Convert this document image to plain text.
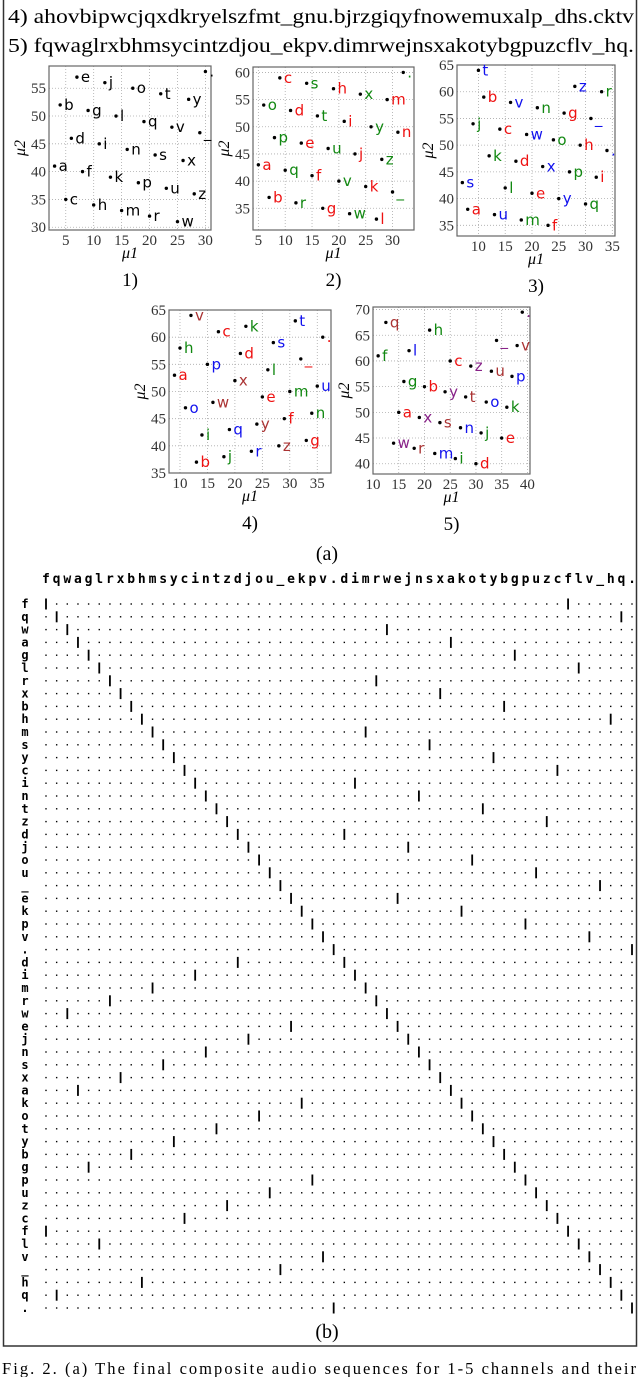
4) ahovbipwcjqxdkryelszfmt_gnu.bjrzgiqyfnowemuxalp_dhs.cktv
5) fqwaglrxbhmsycintzdjou_ekpv.dimrwejnsxakotybgpuzcflv_hq.
5 10 15 20 25 30
30
35
40
45
50
55
μ1
μ2
1)
e j o t y
b g l q v _
d i n s x
a f k p u z
c h m r w
.
5 10 15 20 25 30
35
40
45
50
55
60
μ1
μ2
2)
c s h x m
o d t i y n
p e u j z
a q f v k _
b r g w l
.
10 15 20 25 30 35
35
40
45
50
55
60
65
μ1
μ2
3)
t
b v n g _
z r
j c w o h .
k d x p i
s l e y q
a u m f
10 15 20 25 30 35
35
40
45
50
55
60
65
μ1
μ2
4)
v
c k	t
.
h	s
d
p	_
a	l
x	u
m
e
w
o	n
f
y
q
i	g
z
r
j
b
10 15 20 25 30 35 40
40
45
50
55
60
65
70
μ1
μ2
5)
q h
.
f l
_ v
c z u p
g b y t o k
a x s n j e
w r m i d
(a)
fqwaglrxbhmsycintzdjou_ekpv.dimrwejnsxakotybgpuzcflv_hq.
f
q
w
a
g
l
r
x
b
h
m
s
y
c
i
n
t
z
d
j
o
u
_
e
k
p
v
.
d
i
m
r
w
e
j
n
s
x
a
k
o
t
y
b
g
p
u
z
c
f
l
v
_
h
q
.
(b)
Fig. 2. (a) The final composite audio sequences for 1-5 channels and their
